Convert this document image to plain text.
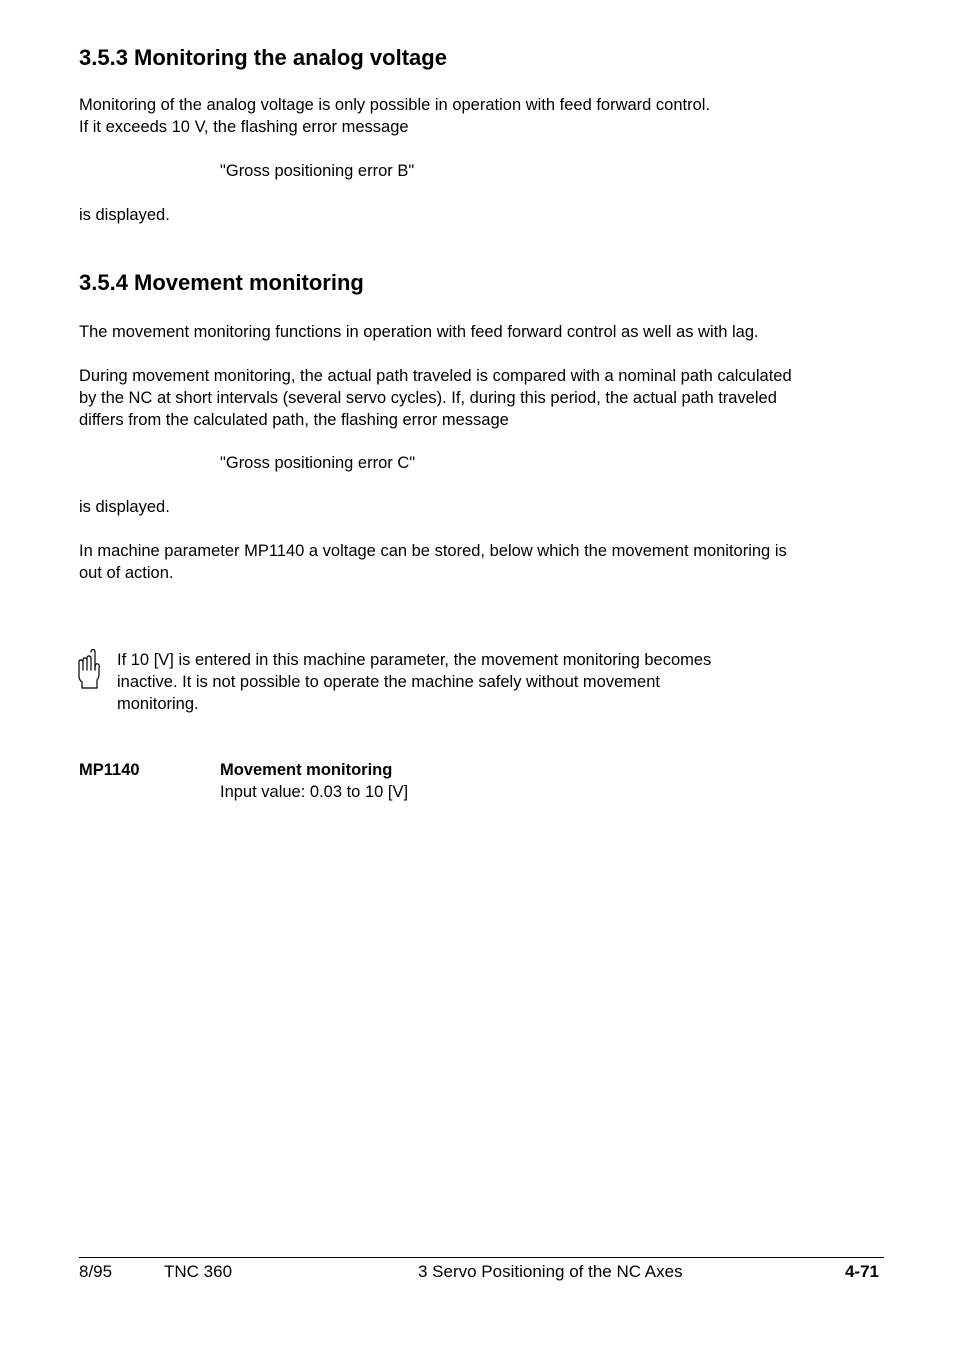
3.5.3 Monitoring the analog voltage
Monitoring of the analog voltage is only possible in operation with feed forward control.
If it exceeds 10 V, the flashing error message
"Gross positioning error B"
is displayed.
3.5.4 Movement monitoring
The movement monitoring functions in operation with feed forward control as well as with lag.
During movement monitoring, the actual path traveled is compared with a nominal path calculated
by the NC at short intervals (several servo cycles). If, during this period, the actual path traveled
differs from the calculated path, the flashing error message
"Gross positioning error C"
is displayed.
In machine parameter MP1140 a voltage can be stored, below which the movement monitoring is
out of action.
If 10 [V] is entered in this machine parameter, the movement monitoring becomes
inactive. It is not possible to operate the machine safely without movement
monitoring.
MP1140	Movement monitoring
Input value: 0.03 to 10 [V]
8/95	TNC 360	3 Servo Positioning of the NC Axes	4-71
